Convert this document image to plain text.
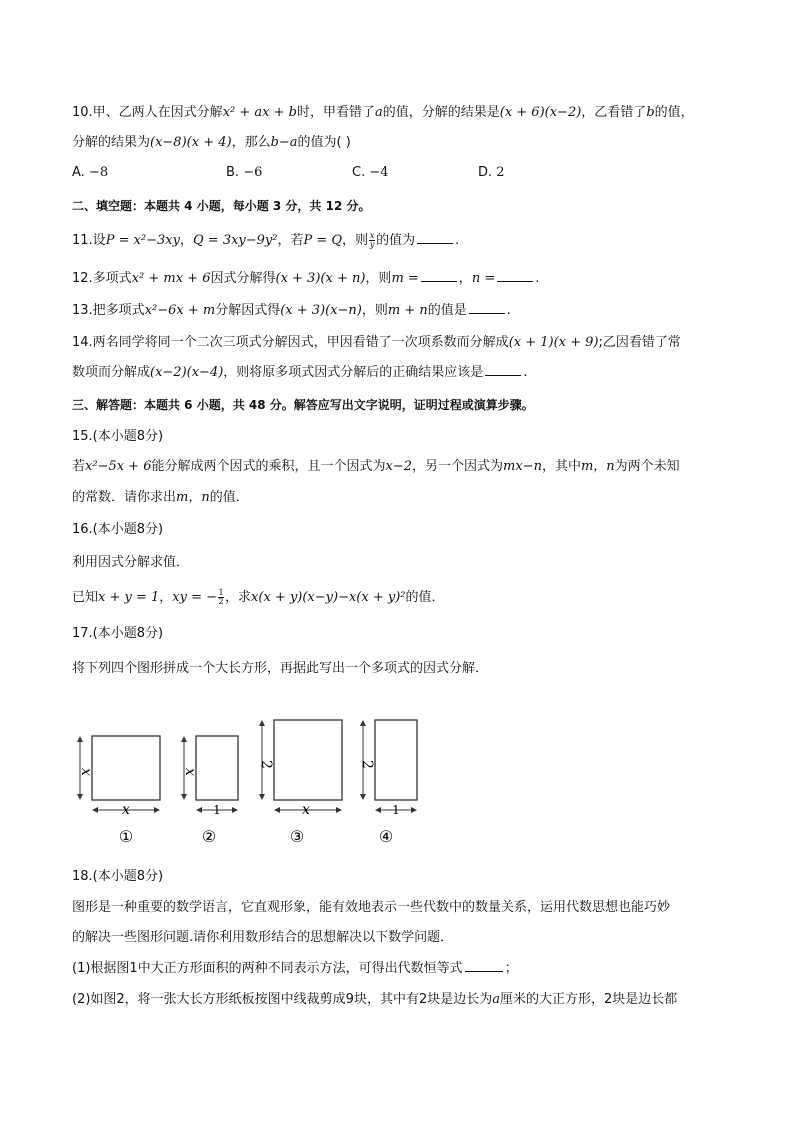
10.甲、乙两人在因式分解x² + ax + b时，甲看错了a的值，分解的结果是(x + 6)(x−2)，乙看错了b的值，
分解的结果为(x−8)(x + 4)，那么b−a的值为( )
A. −8	B. −6	C. −4	D. 2
二、填空题：本题共 4 小题，每小题 3 分，共 12 分。
11.设P = x²−3xy，Q = 3xy−9y²，若P = Q，则 $\frac{x}{y}$ 的值为	.
12.多项式x² + mx + 6因式分解得(x + 3)(x + n)，则m =	，n =	.
13.把多项式x²−6x + m分解因式得(x + 3)(x−n)，则m + n的值是	.
14.两名同学将同一个二次三项式分解因式，甲因看错了一次项系数而分解成(x + 1)(x + 9);乙因看错了常
数项而分解成(x−2)(x−4)，则将原多项式因式分解后的正确结果应该是	.
三、解答题：本题共 6 小题，共 48 分。解答应写出文字说明，证明过程或演算步骤。
15.(本小题8分)
若x²−5x + 6能分解成两个因式的乘积，且一个因式为x−2，另一个因式为mx−n，其中m，n为两个未知
的常数．请你求出m，n的值．
16.(本小题8分)
利用因式分解求值．
已知x + y = 1，xy = − $\frac{1}{2}$ ，求x(x + y)(x−y)−x(x + y)²的值．
17.(本小题8分)
将下列四个图形拼成一个大长方形，再据此写出一个多项式的因式分解．
x
x
①
x
1
②
2
x
③
2
1
④
18.(本小题8分)
图形是一种重要的数学语言，它直观形象，能有效地表示一些代数中的数量关系，运用代数思想也能巧妙
的解决一些图形问题.请你利用数形结合的思想解决以下数学问题．
(1)根据图1中大正方形面积的两种不同表示方法，可得出代数恒等式	；
(2)如图2，将一张大长方形纸板按图中线裁剪成9块，其中有2块是边长为a厘米的大正方形，2块是边长都
